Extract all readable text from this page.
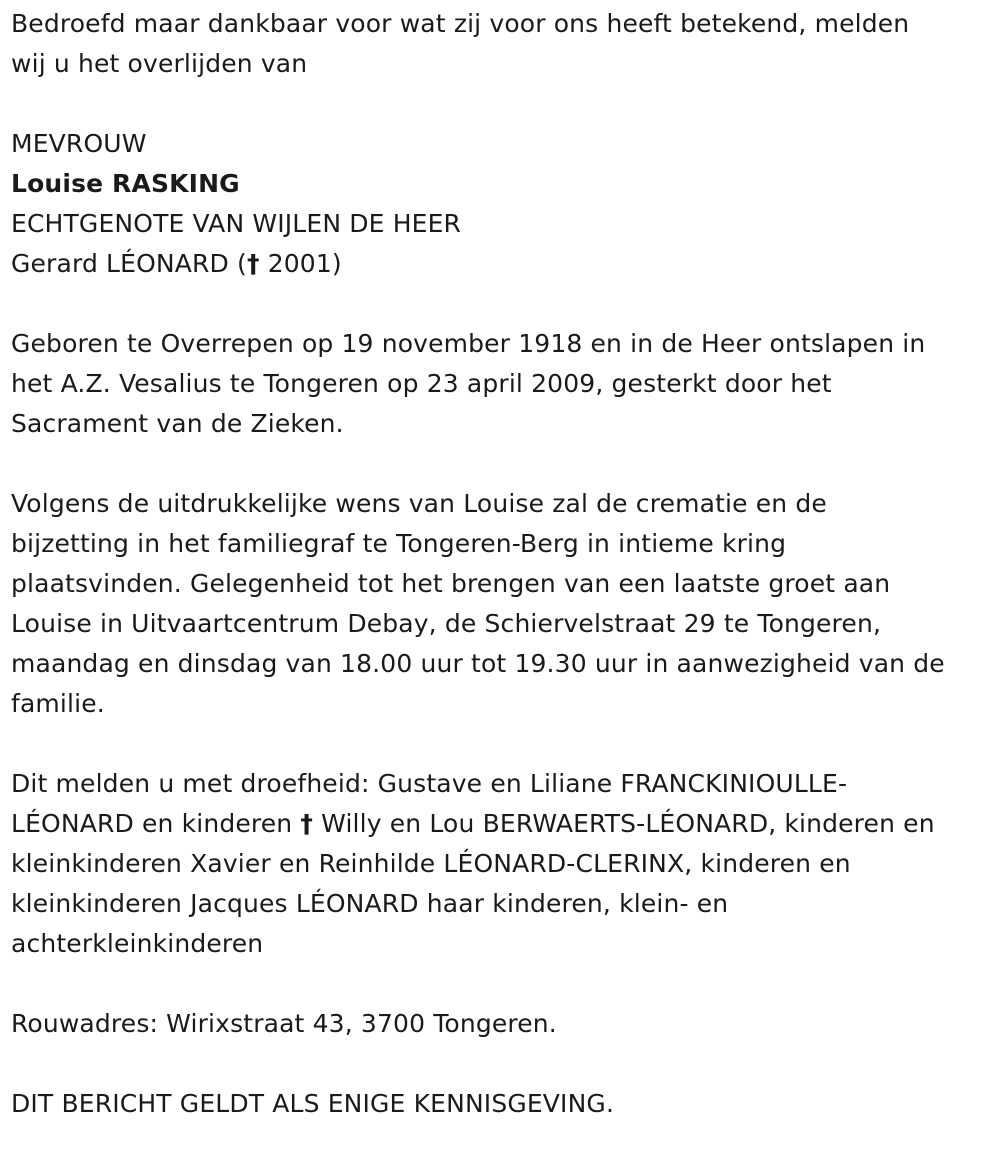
Bedroefd maar dankbaar voor wat zij voor ons heeft betekend, melden
wij u het overlijden van
MEVROUW
Louise RASKING
ECHTGENOTE VAN WIJLEN DE HEER
Gerard LÉONARD († 2001)
Geboren te Overrepen op 19 november 1918 en in de Heer ontslapen in
het A.Z. Vesalius te Tongeren op 23 april 2009, gesterkt door het
Sacrament van de Zieken.
Volgens de uitdrukkelijke wens van Louise zal de crematie en de
bijzetting in het familiegraf te Tongeren-Berg in intieme kring
plaatsvinden. Gelegenheid tot het brengen van een laatste groet aan
Louise in Uitvaartcentrum Debay, de Schiervelstraat 29 te Tongeren,
maandag en dinsdag van 18.00 uur tot 19.30 uur in aanwezigheid van de
familie.
Dit melden u met droefheid: Gustave en Liliane FRANCKINIOULLE-
LÉONARD en kinderen † Willy en Lou BERWAERTS-LÉONARD, kinderen en
kleinkinderen Xavier en Reinhilde LÉONARD-CLERINX, kinderen en
kleinkinderen Jacques LÉONARD haar kinderen, klein- en
achterkleinkinderen
Rouwadres: Wirixstraat 43, 3700 Tongeren.
DIT BERICHT GELDT ALS ENIGE KENNISGEVING.
